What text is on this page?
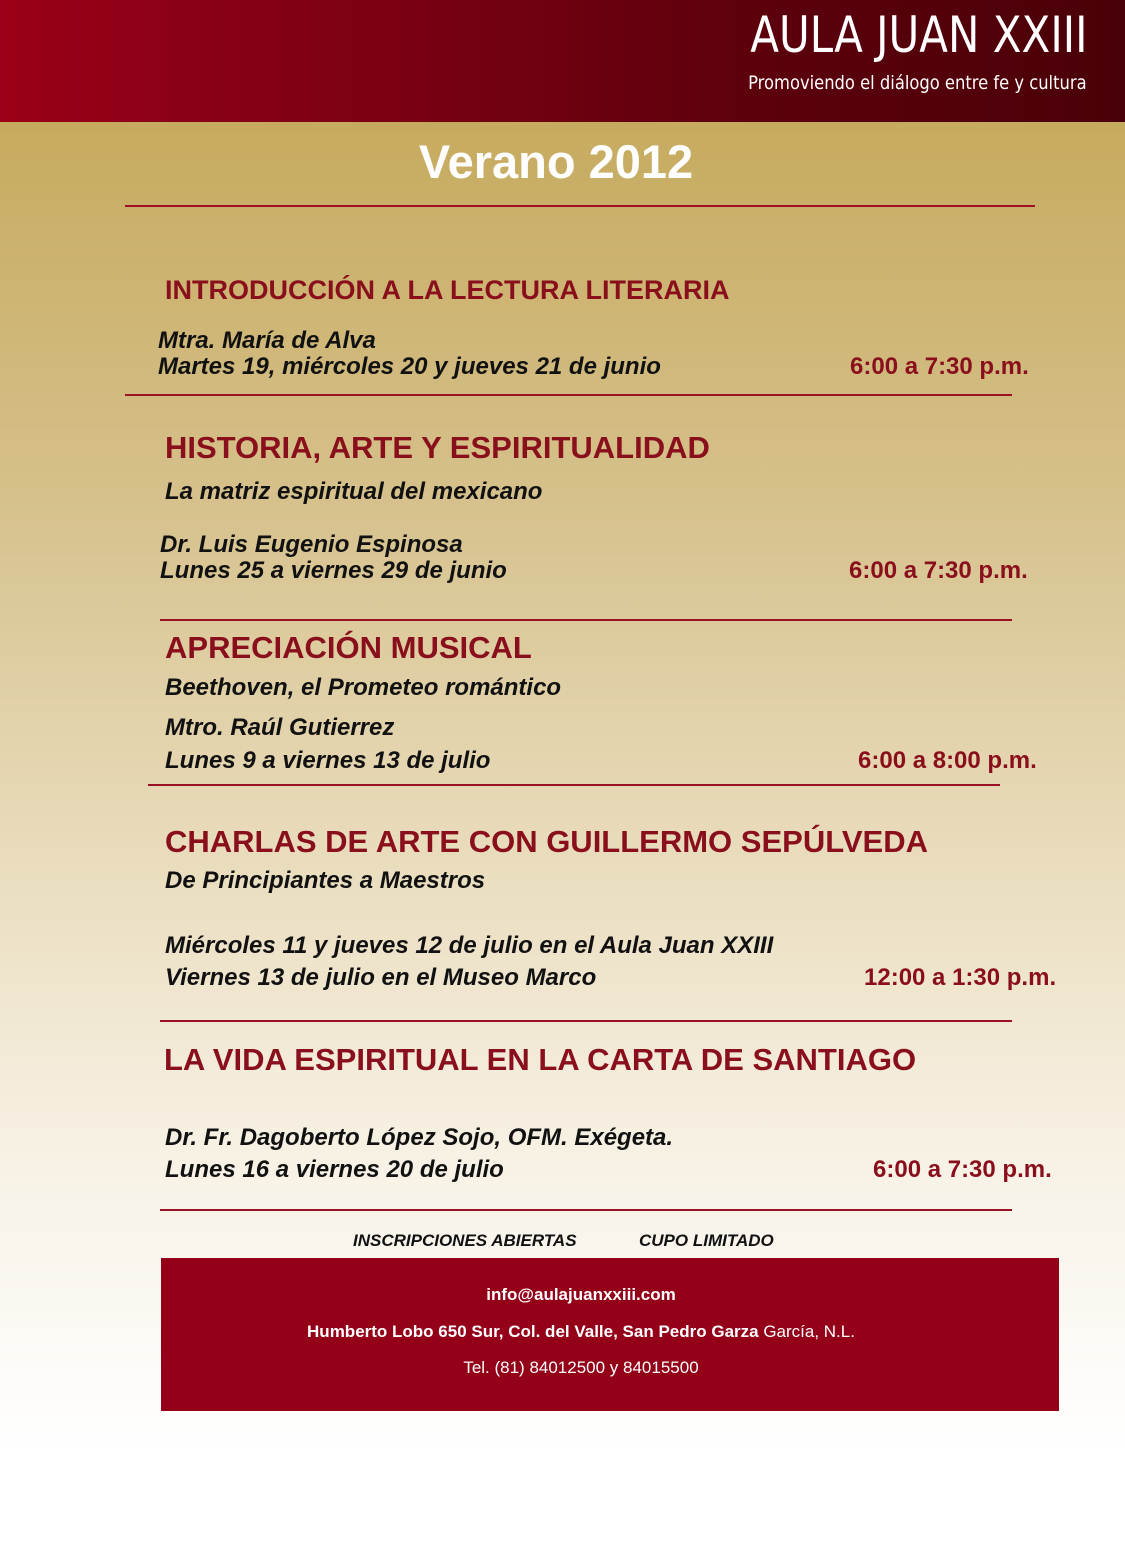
AULA JUAN XXIII
Promoviendo el diálogo entre fe y cultura
Verano 2012
INTRODUCCIÓN A LA LECTURA LITERARIA
Mtra. María de Alva
Martes 19, miércoles 20 y jueves 21 de junio	6:00 a 7:30 p.m.
HISTORIA, ARTE Y ESPIRITUALIDAD
La matriz espiritual del mexicano
Dr. Luis Eugenio Espinosa
Lunes 25 a viernes 29 de junio	6:00 a 7:30 p.m.
APRECIACIÓN MUSICAL
Beethoven, el Prometeo romántico
Mtro. Raúl Gutierrez
Lunes 9 a viernes 13 de julio	6:00 a 8:00 p.m.
CHARLAS DE ARTE CON GUILLERMO SEPÚLVEDA
De Principiantes a Maestros
Miércoles 11 y jueves 12 de julio en el Aula Juan XXIII
Viernes 13 de julio en el Museo Marco	12:00 a 1:30 p.m.
LA VIDA ESPIRITUAL EN LA CARTA DE SANTIAGO
Dr. Fr. Dagoberto López Sojo, OFM. Exégeta.
Lunes 16 a viernes 20 de julio	6:00 a 7:30 p.m.
INSCRIPCIONES ABIERTAS	CUPO LIMITADO
info@aulajuanxxiii.com
Humberto Lobo 650 Sur, Col. del Valle, San Pedro Garza García, N.L.
Tel. (81) 84012500 y 84015500
